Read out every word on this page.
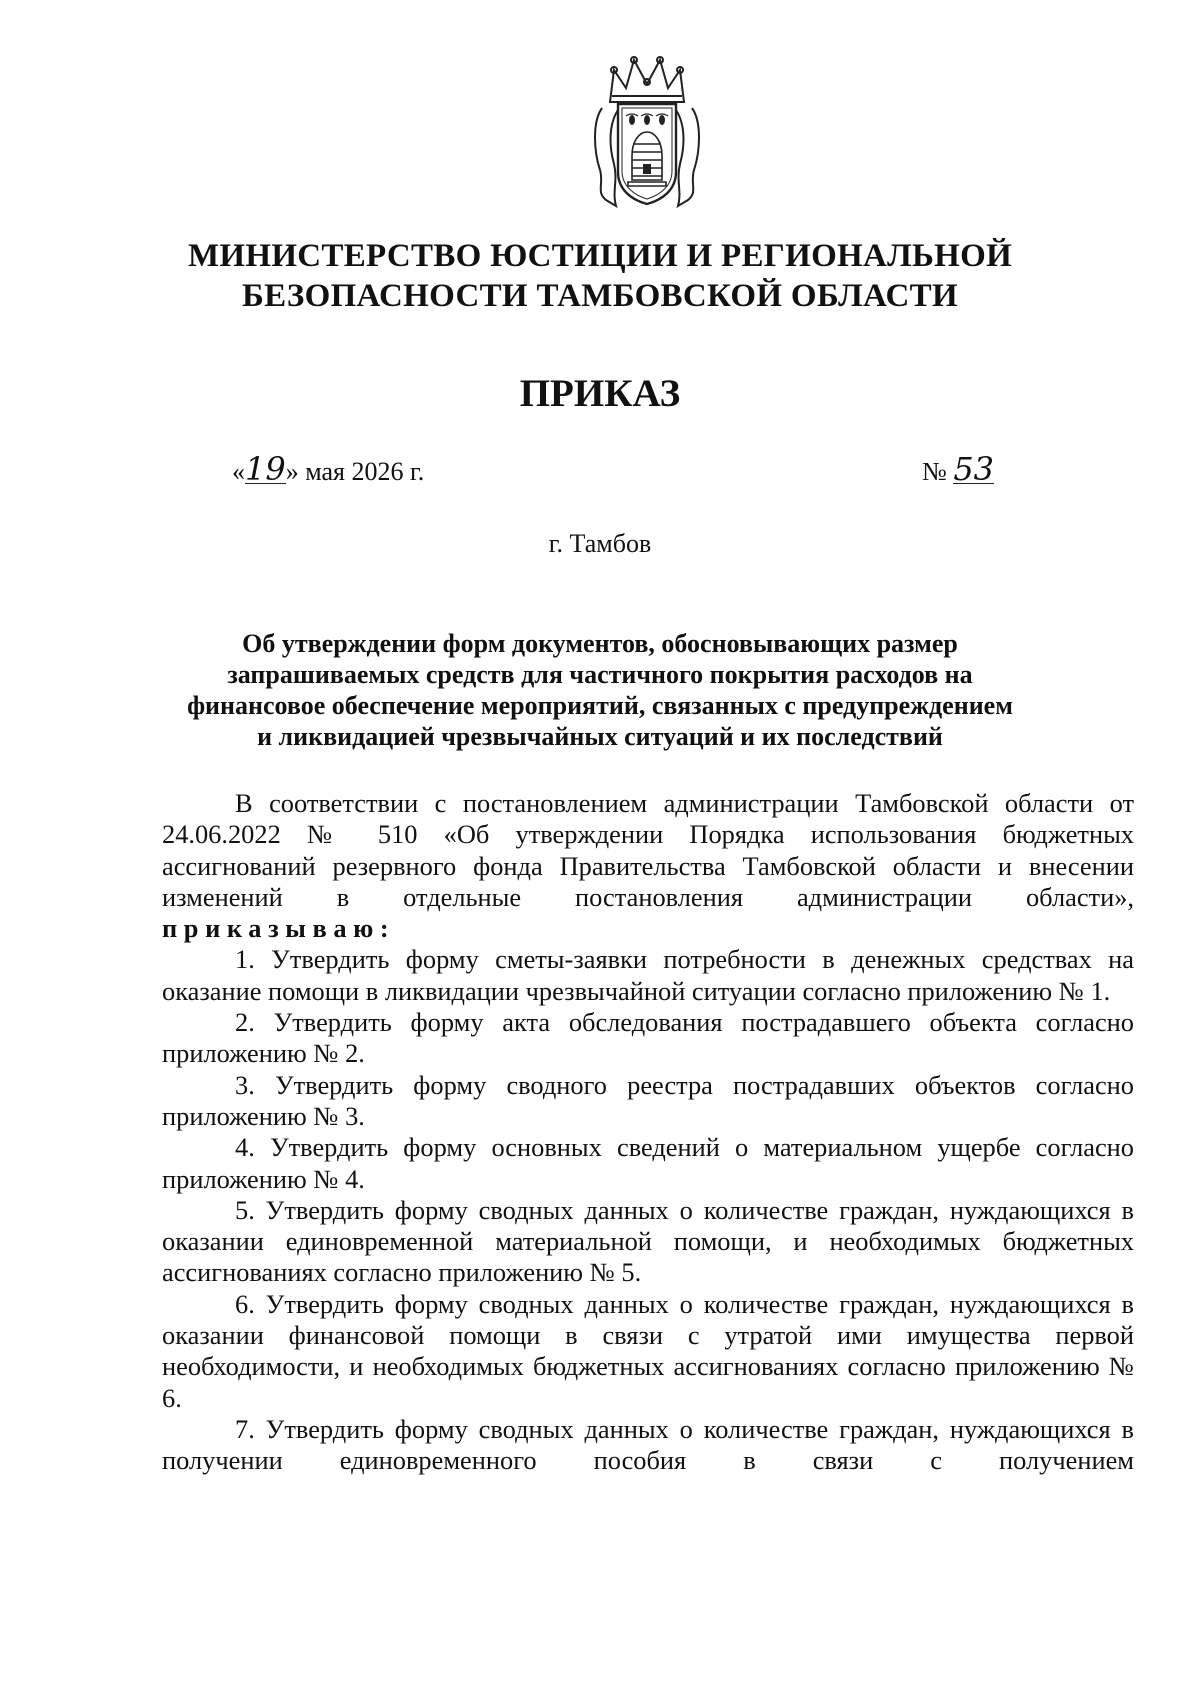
МИНИСТЕРСТВО ЮСТИЦИИ И РЕГИОНАЛЬНОЙ
БЕЗОПАСНОСТИ ТАМБОВСКОЙ ОБЛАСТИ
ПРИКАЗ
«19» мая 2026 г.	№ 53
г. Тамбов
Об утверждении форм документов, обосновывающих размер
запрашиваемых средств для частичного покрытия расходов на
финансовое обеспечение мероприятий, связанных с предупреждением
и ликвидацией чрезвычайных ситуаций и их последствий

В соответствии с постановлением администрации Тамбовской области от 24.06.2022 № 510 «Об утверждении Порядка использования бюджетных ассигнований резервного фонда Правительства Тамбовской области и внесении изменений в отдельные постановления администрации области», приказываю:

1. Утвердить форму сметы-заявки потребности в денежных средствах на оказание помощи в ликвидации чрезвычайной ситуации согласно приложению № 1.

2. Утвердить форму акта обследования пострадавшего объекта согласно приложению № 2.

3. Утвердить форму сводного реестра пострадавших объектов согласно приложению № 3.

4. Утвердить форму основных сведений о материальном ущербе согласно приложению № 4.

5. Утвердить форму сводных данных о количестве граждан, нуждающихся в оказании единовременной материальной помощи, и необходимых бюджетных ассигнованиях согласно приложению № 5.

6. Утвердить форму сводных данных о количестве граждан, нуждающихся в оказании финансовой помощи в связи с утратой ими имущества первой необходимости, и необходимых бюджетных ассигнованиях согласно приложению № 6.

7. Утвердить форму сводных данных о количестве граждан, нуждающихся в получении единовременного пособия в связи с получением
